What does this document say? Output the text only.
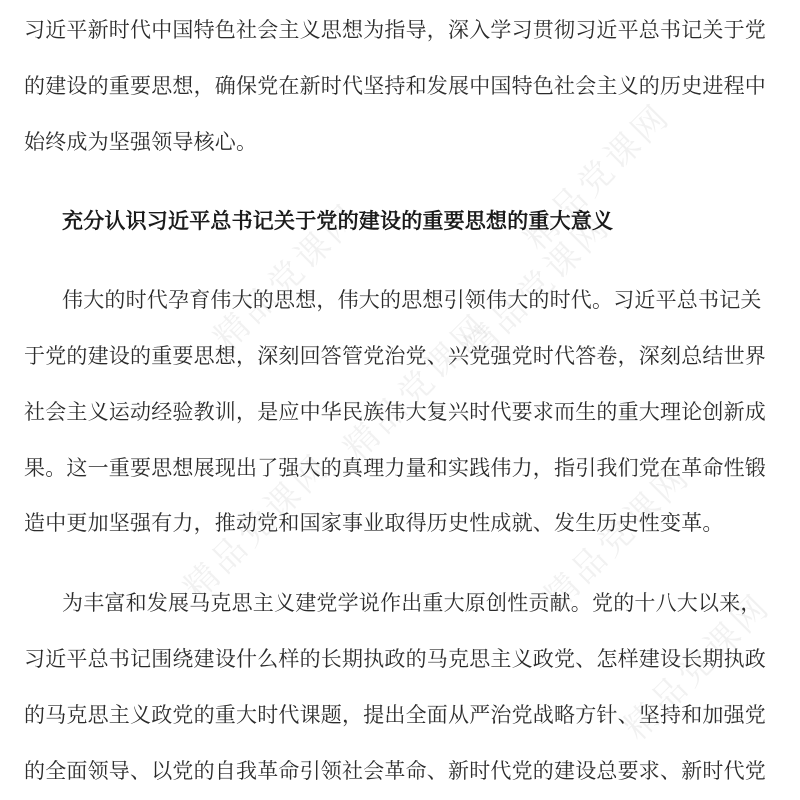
精品党课网
精品党课网	精品党课网
精品党课网
精品党课网	精品党课网
精品党课网
习近平新时代中国特色社会主义思想为指导，深入学习贯彻习近平总书记关于党
的建设的重要思想，确保党在新时代坚持和发展中国特色社会主义的历史进程中
始终成为坚强领导核心。
充分认识习近平总书记关于党的建设的重要思想的重大意义
伟大的时代孕育伟大的思想，伟大的思想引领伟大的时代。习近平总书记关
于党的建设的重要思想，深刻回答管党治党、兴党强党时代答卷，深刻总结世界
社会主义运动经验教训，是应中华民族伟大复兴时代要求而生的重大理论创新成
果。这一重要思想展现出了强大的真理力量和实践伟力，指引我们党在革命性锻
造中更加坚强有力，推动党和国家事业取得历史性成就、发生历史性变革。
为丰富和发展马克思主义建党学说作出重大原创性贡献。党的十八大以来，
习近平总书记围绕建设什么样的长期执政的马克思主义政党、怎样建设长期执政
的马克思主义政党的重大时代课题，提出全面从严治党战略方针、坚持和加强党
的全面领导、以党的自我革命引领社会革命、新时代党的建设总要求、新时代党
